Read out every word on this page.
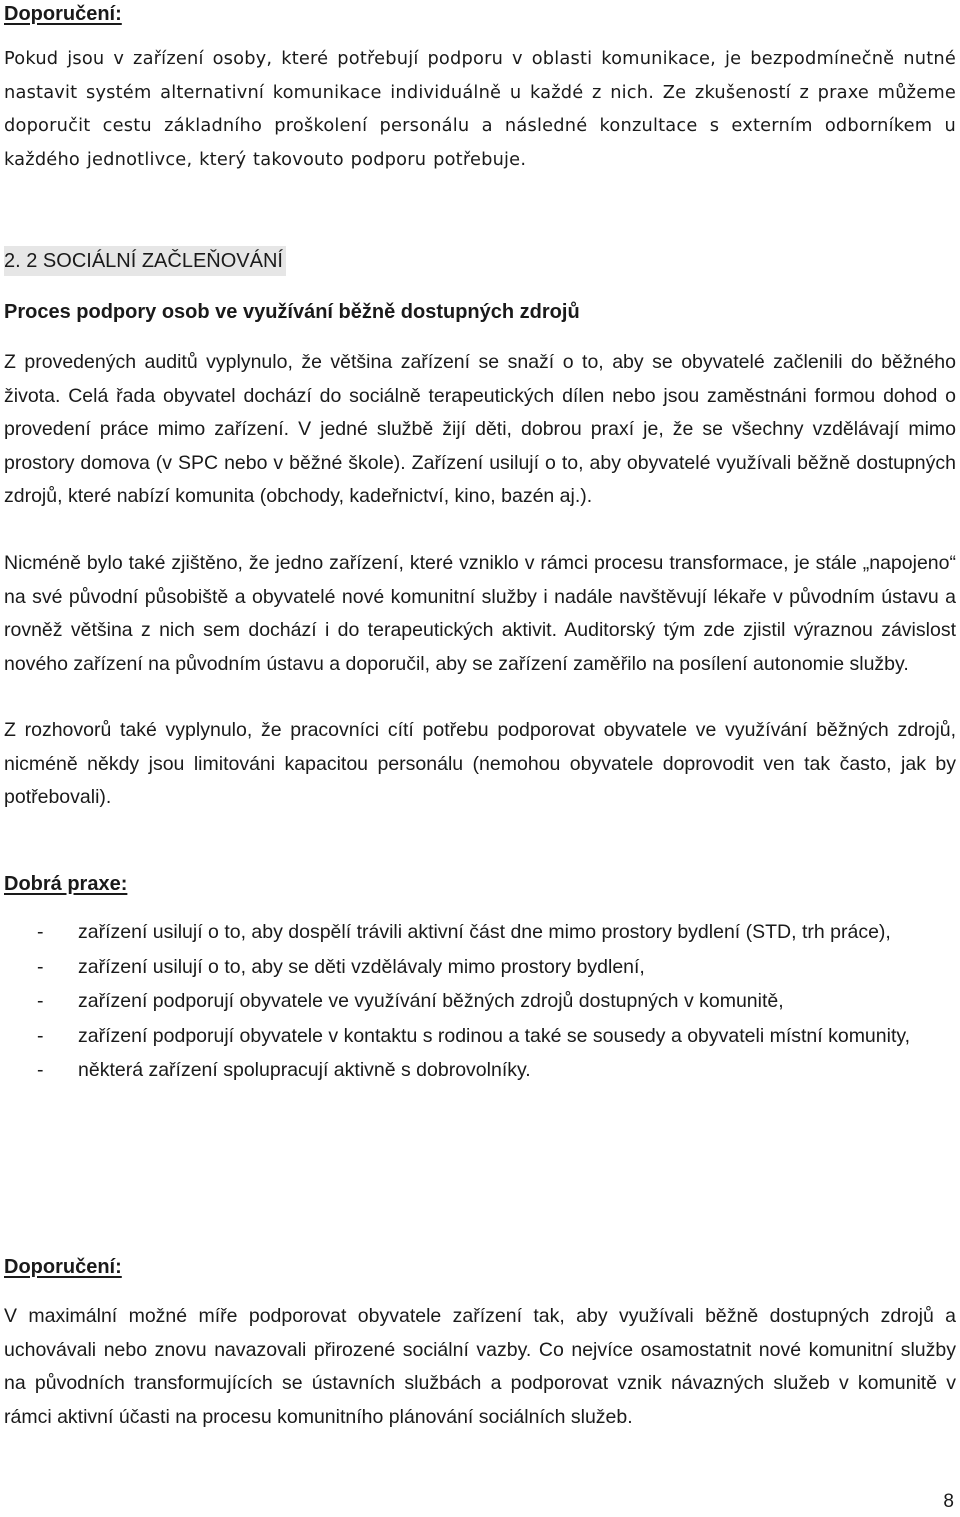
Doporučení:

Pokud jsou v zařízení osoby, které potřebují podporu v oblasti komunikace, je bezpodmínečně nutné nastavit systém alternativní komunikace individuálně u každé z nich. Ze zkušeností z praxe můžeme doporučit cestu základního proškolení personálu a následné konzultace s externím odborníkem u každého jednotlivce, který takovouto podporu potřebuje.

2. 2 SOCIÁLNÍ ZAČLEŇOVÁNÍ

Proces podpory osob ve využívání běžně dostupných zdrojů

Z provedených auditů vyplynulo, že většina zařízení se snaží o to, aby se obyvatelé začlenili do běžného života. Celá řada obyvatel dochází do sociálně terapeutických dílen nebo jsou zaměstnáni formou dohod o provedení práce mimo zařízení. V jedné službě žijí děti, dobrou praxí je, že se všechny vzdělávají mimo prostory domova (v SPC nebo v běžné škole). Zařízení usilují o to, aby obyvatelé využívali běžně dostupných zdrojů, které nabízí komunita (obchody, kadeřnictví, kino, bazén aj.).

Nicméně bylo také zjištěno, že jedno zařízení, které vzniklo v rámci procesu transformace, je stále „napojeno“ na své původní působiště a obyvatelé nové komunitní služby i nadále navštěvují lékaře v původním ústavu a rovněž většina z nich sem dochází i do terapeutických aktivit. Auditorský tým zde zjistil výraznou závislost nového zařízení na původním ústavu a doporučil, aby se zařízení zaměřilo na posílení autonomie služby.

Z rozhovorů také vyplynulo, že pracovníci cítí potřebu podporovat obyvatele ve využívání běžných zdrojů, nicméně někdy jsou limitováni kapacitou personálu (nemohou obyvatele doprovodit ven tak často, jak by potřebovali).

Dobrá praxe:
- zařízení usilují o to, aby dospělí trávili aktivní část dne mimo prostory bydlení (STD, trh práce),
- zařízení usilují o to, aby se děti vzdělávaly mimo prostory bydlení,
- zařízení podporují obyvatele ve využívání běžných zdrojů dostupných v komunitě,
- zařízení podporují obyvatele v kontaktu s rodinou a také se sousedy a obyvateli místní komunity,
- některá zařízení spolupracují aktivně s dobrovolníky.
Doporučení:

V maximální možné míře podporovat obyvatele zařízení tak, aby využívali běžně dostupných zdrojů a uchovávali nebo znovu navazovali přirozené sociální vazby. Co nejvíce osamostatnit nové komunitní služby na původních transformujících se ústavních službách a podporovat vznik návazných služeb v komunitě v rámci aktivní účasti na procesu komunitního plánování sociálních služeb.

8
